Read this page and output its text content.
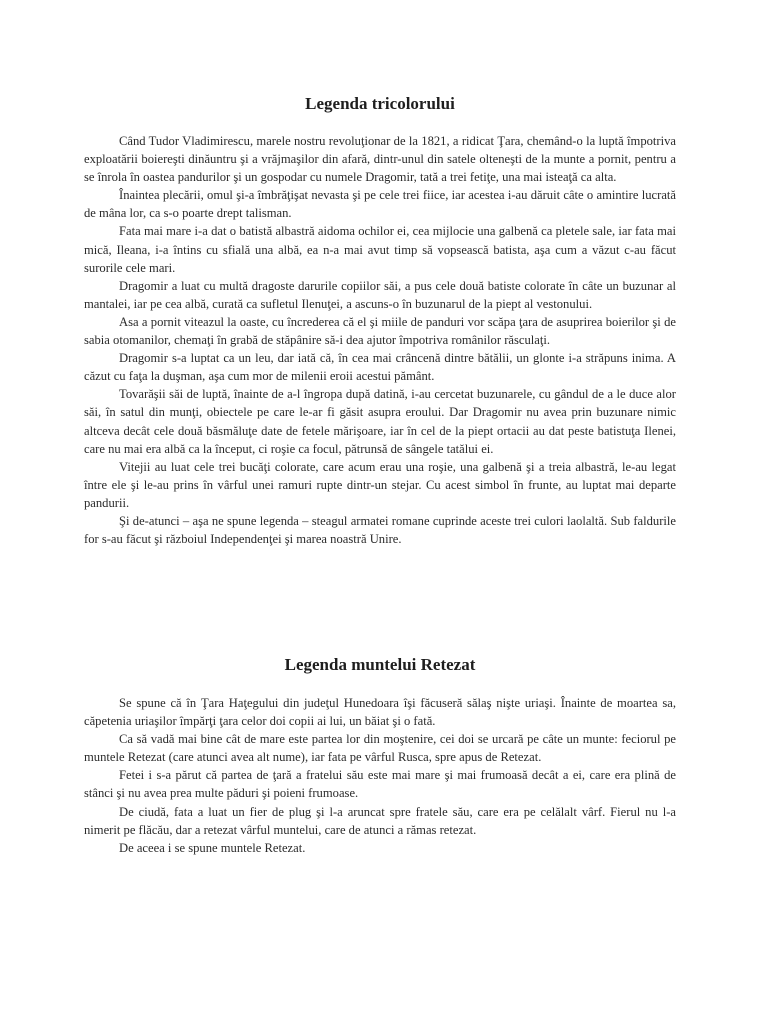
Legenda tricolorului

Când Tudor Vladimirescu, marele nostru revoluţionar de la 1821, a ridicat Ţara, chemând-o la luptă împotriva exploatării boiereşti dinăuntru şi a vrăjmaşilor din afară, dintr-unul din satele olteneşti de la munte a pornit, pentru a se înrola în oastea pandurilor şi un gospodar cu numele Dragomir, tată a trei fetiţe, una mai isteaţă ca alta.

Înaintea plecării, omul şi-a îmbrăţişat nevasta şi pe cele trei fiice, iar acestea i-au dăruit câte o amintire lucrată de mâna lor, ca s-o poarte drept talisman.

Fata mai mare i-a dat o batistă albastră aidoma ochilor ei, cea mijlocie una galbenă ca pletele sale, iar fata mai mică, Ileana, i-a întins cu sfială una albă, ea n-a mai avut timp să vopsească batista, aşa cum a văzut c-au făcut surorile cele mari.

Dragomir a luat cu multă dragoste darurile copiilor săi, a pus cele două batiste colorate în câte un buzunar al mantalei, iar pe cea albă, curată ca sufletul Ilenuţei, a ascuns-o în buzunarul de la piept al vestonului.

Asa a pornit viteazul la oaste, cu încrederea că el şi miile de panduri vor scăpa ţara de asuprirea boierilor şi de sabia otomanilor, chemaţi în grabă de stăpânire să-i dea ajutor împotriva românilor răsculaţi.

Dragomir s-a luptat ca un leu, dar iată că, în cea mai crâncenă dintre bătălii, un glonte i-a străpuns inima. A căzut cu faţa la duşman, aşa cum mor de milenii eroii acestui pământ.

Tovarăşii săi de luptă, înainte de a-l îngropa după datină, i-au cercetat buzunarele, cu gândul de a le duce alor săi, în satul din munţi, obiectele pe care le-ar fi găsit asupra eroului. Dar Dragomir nu avea prin buzunare nimic altceva decât cele două băsmăluţe date de fetele mărişoare, iar în cel de la piept ortacii au dat peste batistuţa Ilenei, care nu mai era albă ca la început, ci roşie ca focul, pătrunsă de sângele tatălui ei.

Vitejii au luat cele trei bucăţi colorate, care acum erau una roşie, una galbenă şi a treia albastră, le-au legat între ele şi le-au prins în vârful unei ramuri rupte dintr-un stejar. Cu acest simbol în frunte, au luptat mai departe pandurii.

Şi de-atunci – aşa ne spune legenda – steagul armatei romane cuprinde aceste trei culori laolaltă. Sub faldurile for s-au făcut şi războiul Independenţei şi marea noastră Unire.

Legenda muntelui Retezat

Se spune că în Ţara Haţegului din judeţul Hunedoara îşi făcuseră sălaş nişte uriaşi. Înainte de moartea sa, căpetenia uriaşilor împărţi ţara celor doi copii ai lui, un băiat şi o fată.

Ca să vadă mai bine cât de mare este partea lor din moştenire, cei doi se urcară pe câte un munte: feciorul pe muntele Retezat (care atunci avea alt nume), iar fata pe vârful Rusca, spre apus de Retezat.

Fetei i s-a părut că partea de ţară a fratelui său este mai mare şi mai frumoasă decât a ei, care era plină de stânci şi nu avea prea multe păduri şi poieni frumoase.

De ciudă, fata a luat un fier de plug şi l-a aruncat spre fratele său, care era pe celălalt vârf. Fierul nu l-a nimerit pe flăcău, dar a retezat vârful muntelui, care de atunci a rămas retezat.

De aceea i se spune muntele Retezat.
